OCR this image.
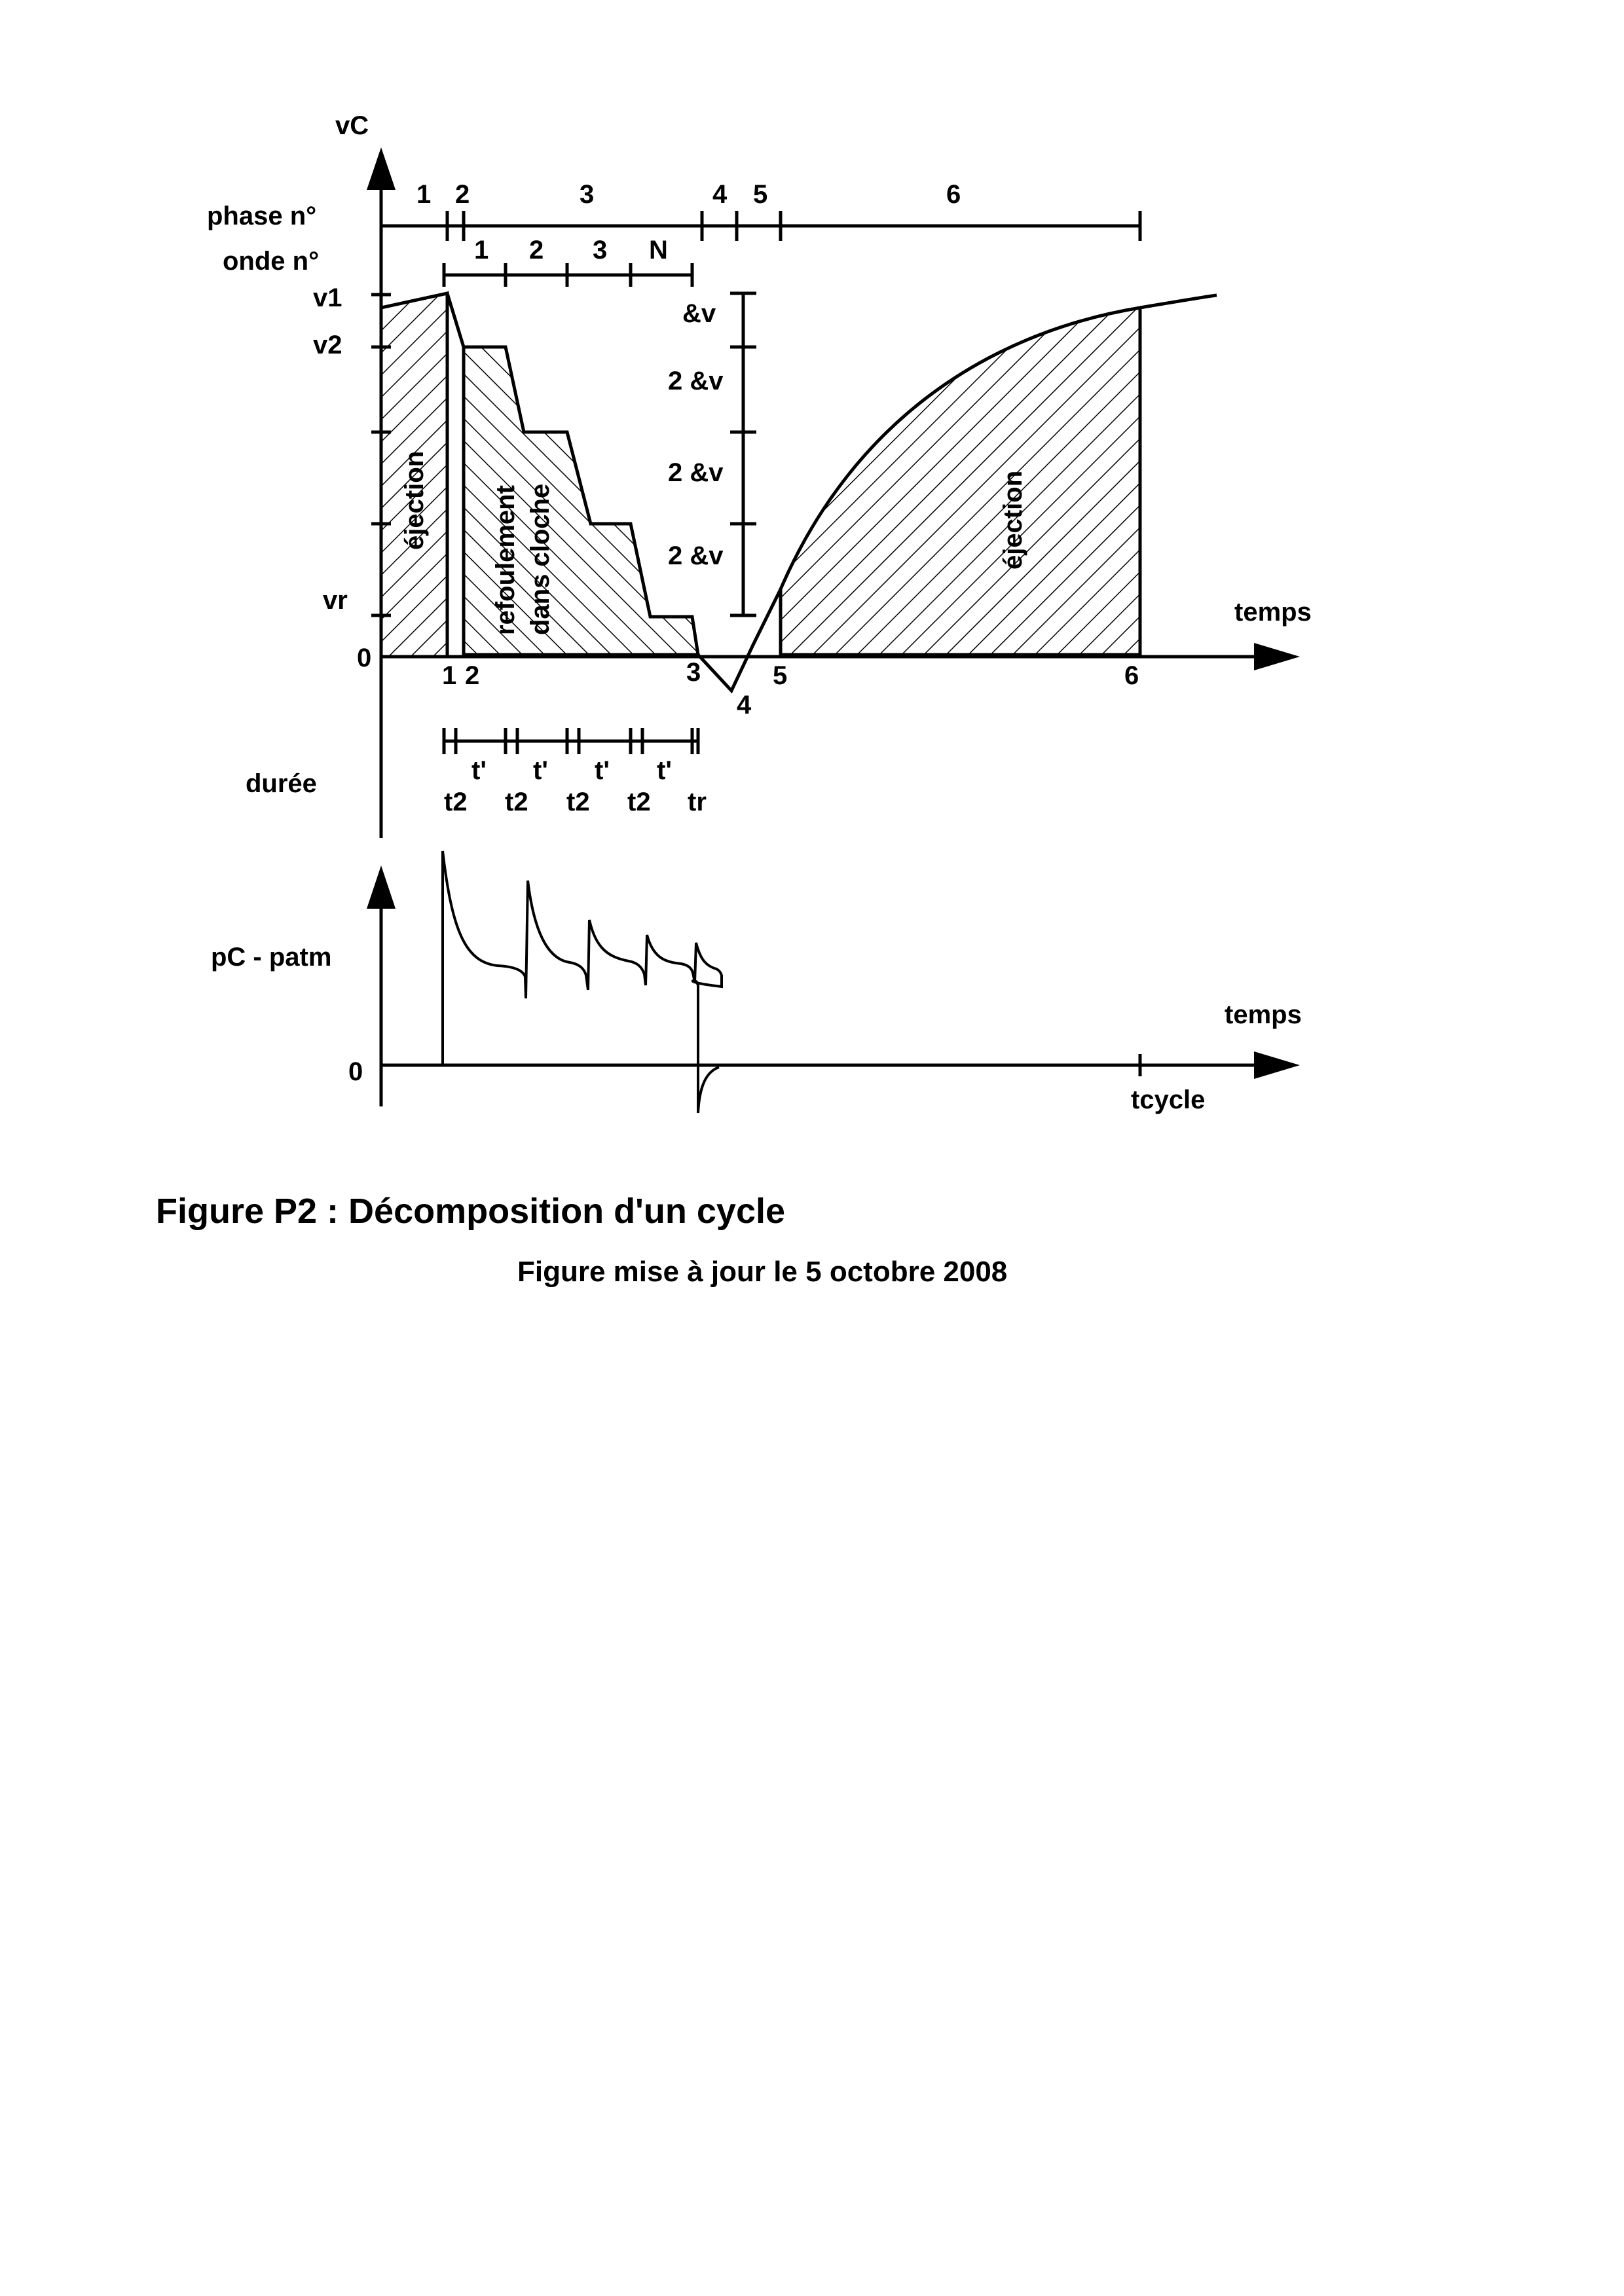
vC
v1
v2
vr
0
temps
phase n°
1 2	3	4 5	6
onde n°	1 2 3 N
&v
2 &v
2 &v
2 &v
éjection refoulement dans cloche	éjection
1 2	3
4
5	6
durée	t' t' t' t'
t2 t2 t2 t2 tr
pC - patm
0
temps
tcycle
Figure P2 : Décomposition d'un cycle
Figure mise à jour le 5 octobre 2008
